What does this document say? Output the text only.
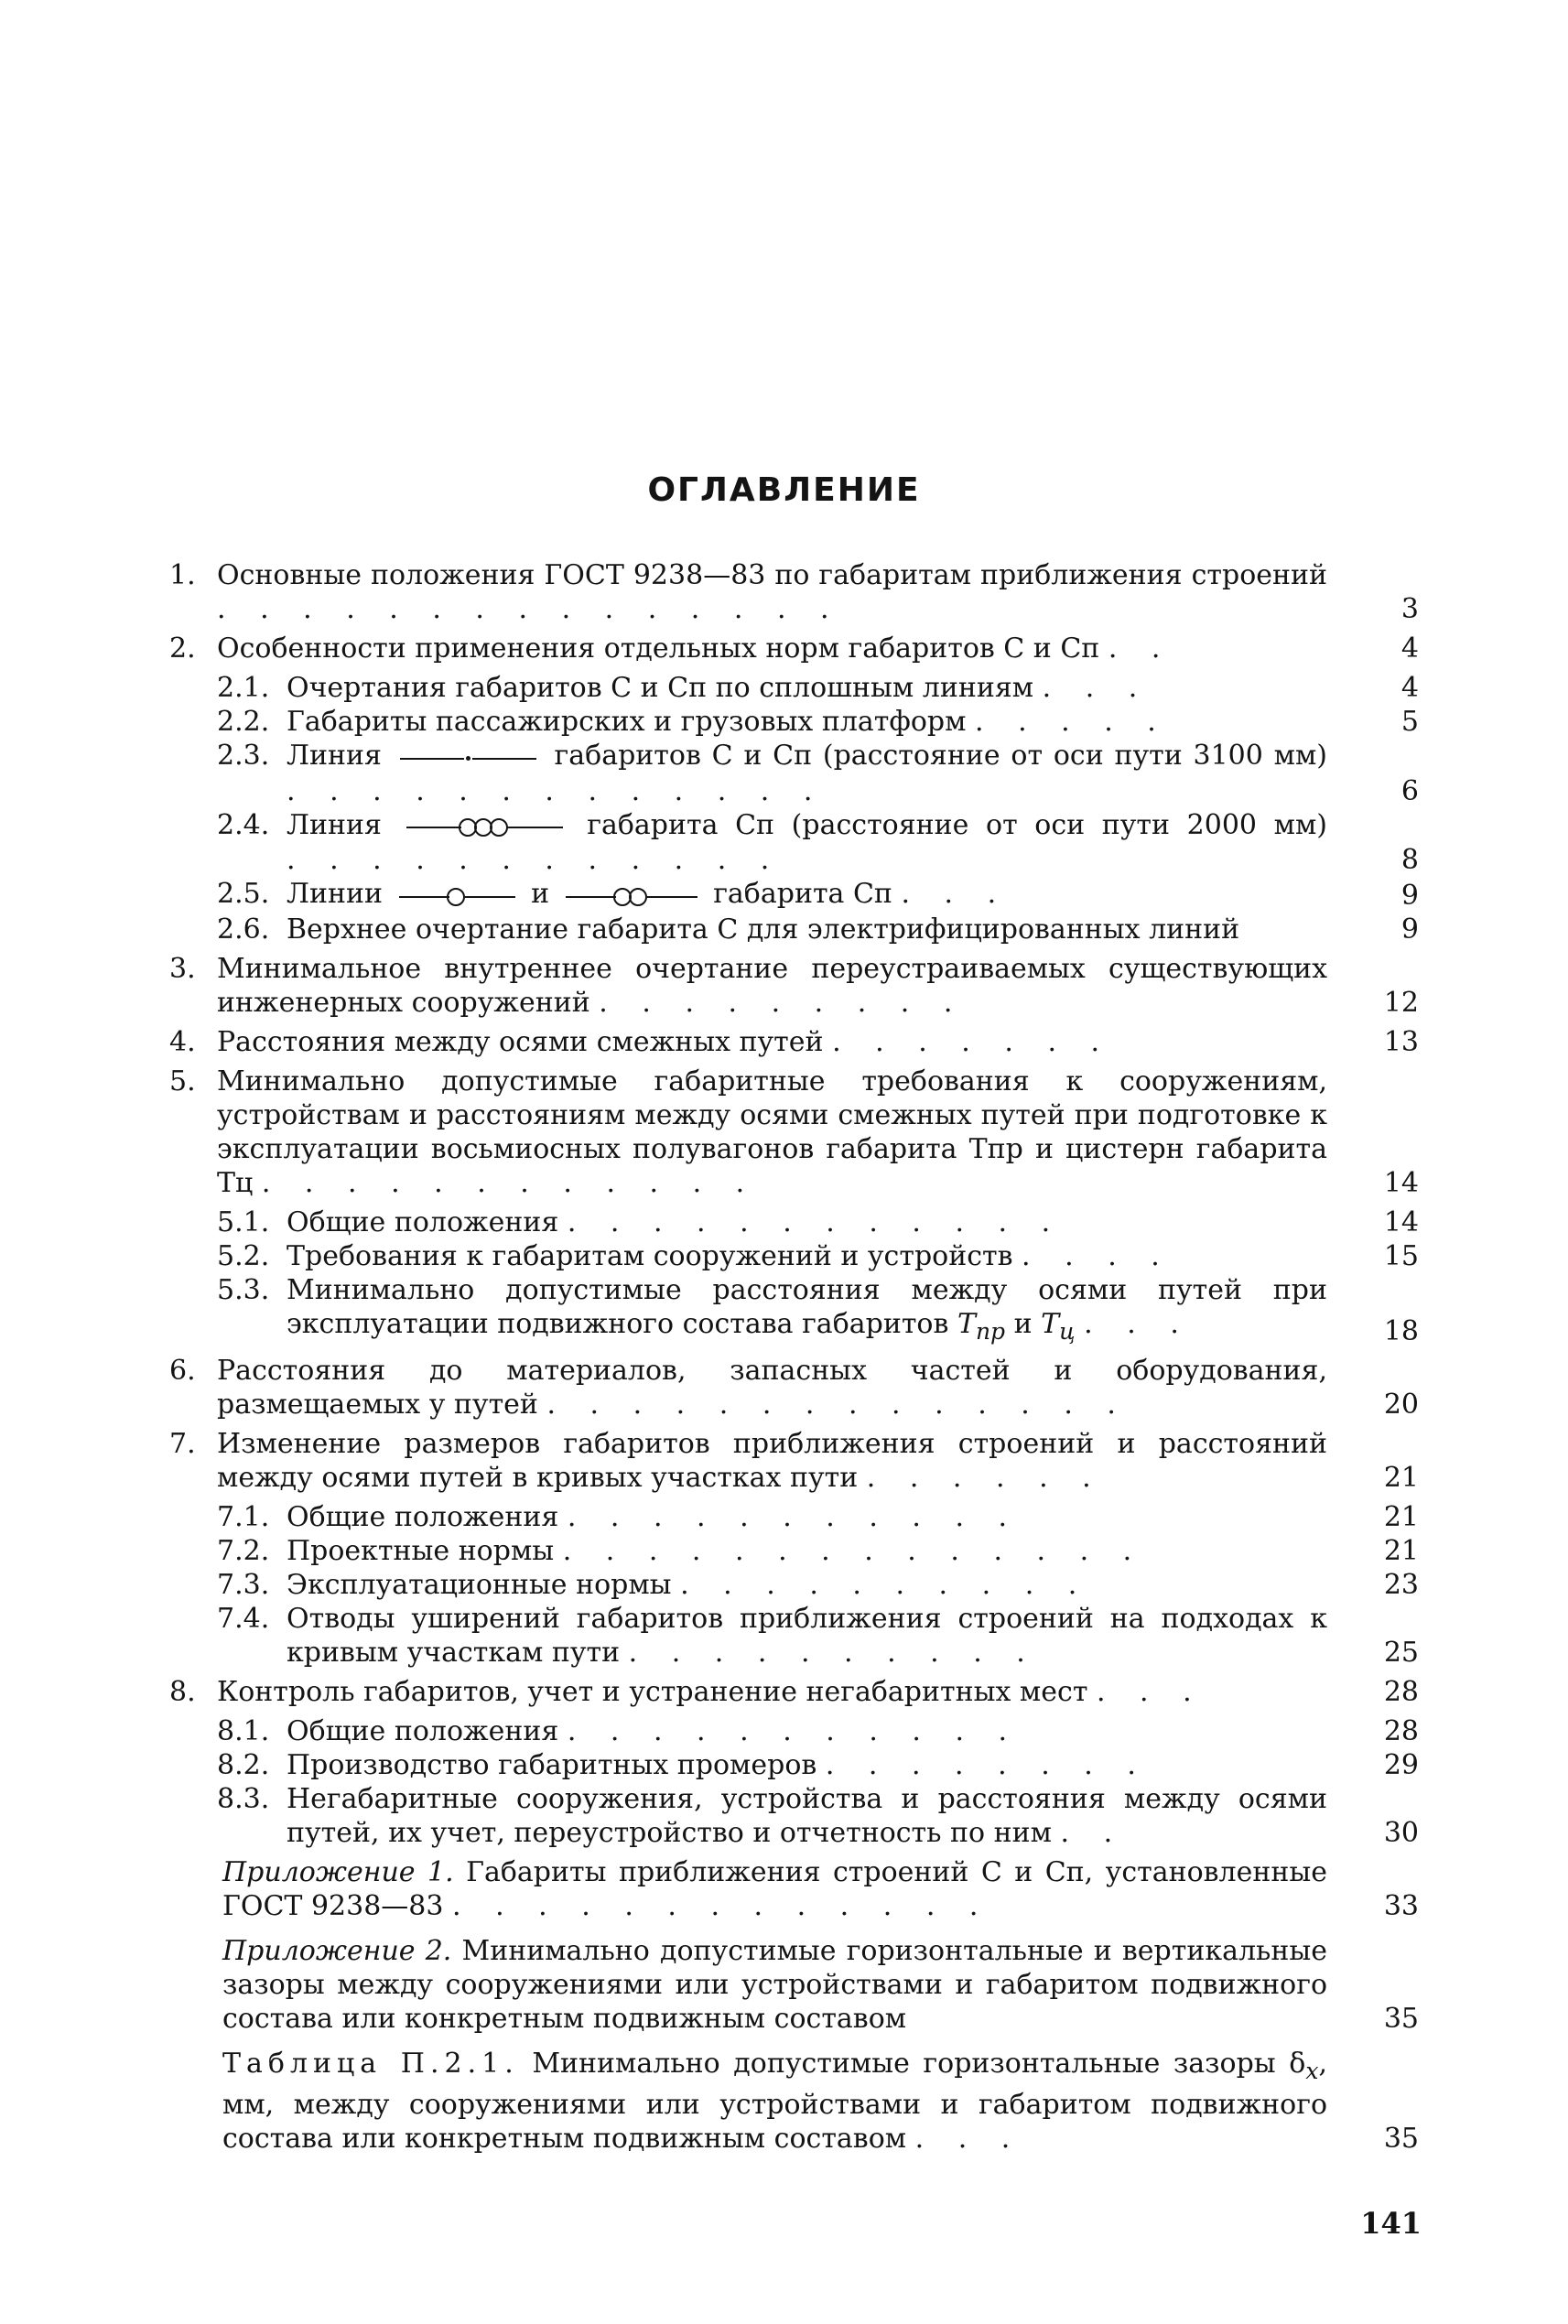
ОГЛАВЛЕНИЕ
1. Основные положения ГОСТ 9238—83 по габаритам приближения строений . . . . . . . . . . . . . . .	3
2. Особенности применения отдельных норм габаритов С и Сп . .	4
2.1. Очертания габаритов С и Сп по сплошным линиям . . .	4
2.2. Габариты пассажирских и грузовых платформ . . . . .	5
2.3. Линия	габаритов С и Сп (расстояние от оси пути 3100 мм) . . . . . . . . . . . . .	6
2.4. Линия	габарита Сп (расстояние от оси пути 2000 мм) . . . . . . . . . . . .	8
2.5. Линии	и	габарита Сп . . .	9
2.6. Верхнее очертание габарита С для электрифицированных линий	9
3. Минимальное внутреннее очертание переустраиваемых существующих инженерных сооружений . . . . . . . . .	12
4. Расстояния между осями смежных путей . . . . . . .	13
5. Минимально допустимые габаритные требования к сооружениям, устройствам и расстояниям между осями смежных путей при подготовке к эксплуатации восьмиосных полувагонов габарита Тпр и цистерн габарита Тц . . . . . . . . . . . .	14
5.1. Общие положения . . . . . . . . . . . .	14
5.2. Требования к габаритам сооружений и устройств . . . .	15
5.3. Минимально допустимые расстояния между осями путей при эксплуатации подвижного состава габаритов $Т_{пр}$ и $Т_ц$ . . .	18
6. Расстояния до материалов, запасных частей и оборудования, размещаемых у путей . . . . . . . . . . . . . .	20
7. Изменение размеров габаритов приближения строений и расстояний между осями путей в кривых участках пути . . . . . .	21
7.1. Общие положения . . . . . . . . . . .	21
7.2. Проектные нормы . . . . . . . . . . . . . .	21
7.3. Эксплуатационные нормы . . . . . . . . . .	23
7.4. Отводы уширений габаритов приближения строений на подходах к кривым участкам пути . . . . . . . . . .	25
8. Контроль габаритов, учет и устранение негабаритных мест . . .	28
8.1. Общие положения . . . . . . . . . . .	28
8.2. Производство габаритных промеров . . . . . . . .	29
8.3. Негабаритные сооружения, устройства и расстояния между осями путей, их учет, переустройство и отчетность по ним . .	30
Приложение 1. Габариты приближения строений С и Сп, установленные ГОСТ 9238—83 . . . . . . . . . . . . .	33
Приложение 2. Минимально допустимые горизонтальные и вертикальные зазоры между сооружениями или устройствами и габаритом подвижного состава или конкретным подвижным составом	35
Таблица П.2.1. Минимально допустимые горизонтальные зазоры $\delta_x$, мм, между сооружениями или устройствами и габаритом подвижного состава или конкретным подвижным составом . . .	35
141
